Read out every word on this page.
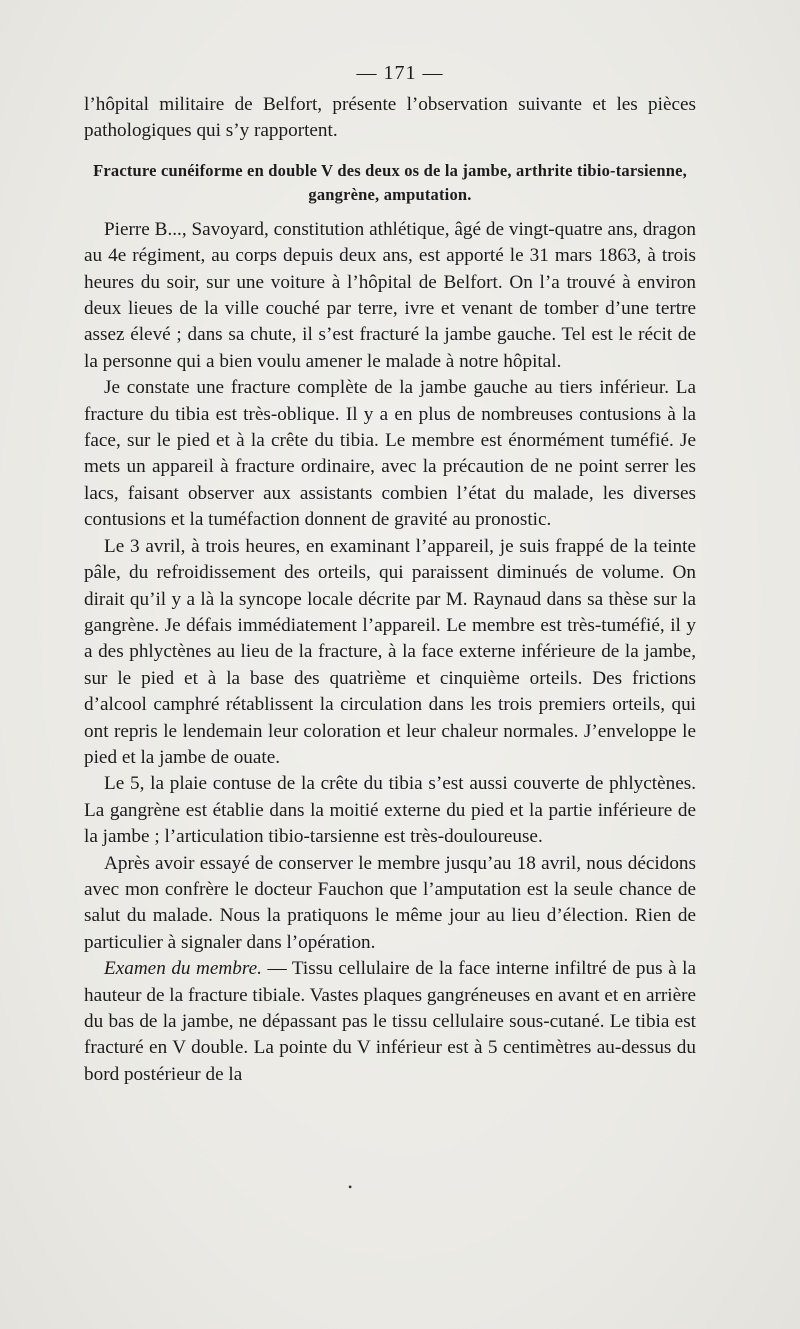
— 171 —

l’hôpital militaire de Belfort, présente l’observation suivante et les pièces pathologiques qui s’y rapportent.

Fracture cunéiforme en double V des deux os de la jambe, arthrite tibio-tarsienne, gangrène, amputation.

Pierre B..., Savoyard, constitution athlétique, âgé de vingt-quatre ans, dragon au 4e régiment, au corps depuis deux ans, est apporté le 31 mars 1863, à trois heures du soir, sur une voiture à l’hôpital de Belfort. On l’a trouvé à environ deux lieues de la ville couché par terre, ivre et venant de tomber d’une tertre assez élevé ; dans sa chute, il s’est fracturé la jambe gauche. Tel est le récit de la personne qui a bien voulu amener le malade à notre hôpital.

Je constate une fracture complète de la jambe gauche au tiers inférieur. La fracture du tibia est très-oblique. Il y a en plus de nombreuses contusions à la face, sur le pied et à la crête du tibia. Le membre est énormément tuméfié. Je mets un appareil à fracture ordinaire, avec la précaution de ne point serrer les lacs, faisant observer aux assistants combien l’état du malade, les diverses contusions et la tuméfaction donnent de gravité au pronostic.

Le 3 avril, à trois heures, en examinant l’appareil, je suis frappé de la teinte pâle, du refroidissement des orteils, qui paraissent diminués de volume. On dirait qu’il y a là la syncope locale décrite par M. Raynaud dans sa thèse sur la gangrène. Je défais immédiatement l’appareil. Le membre est très-tuméfié, il y a des phlyctènes au lieu de la fracture, à la face externe inférieure de la jambe, sur le pied et à la base des quatrième et cinquième orteils. Des frictions d’alcool camphré rétablissent la circulation dans les trois premiers orteils, qui ont repris le lendemain leur coloration et leur chaleur normales. J’enveloppe le pied et la jambe de ouate.

Le 5, la plaie contuse de la crête du tibia s’est aussi couverte de phlyctènes. La gangrène est établie dans la moitié externe du pied et la partie inférieure de la jambe ; l’articulation tibio-tarsienne est très-douloureuse.

Après avoir essayé de conserver le membre jusqu’au 18 avril, nous décidons avec mon confrère le docteur Fauchon que l’amputation est la seule chance de salut du malade. Nous la pratiquons le même jour au lieu d’élection. Rien de particulier à signaler dans l’opération.

Examen du membre. — Tissu cellulaire de la face interne infiltré de pus à la hauteur de la fracture tibiale. Vastes plaques gangréneuses en avant et en arrière du bas de la jambe, ne dépassant pas le tissu cellulaire sous-cutané. Le tibia est fracturé en V double. La pointe du V inférieur est à 5 centimètres au-dessus du bord postérieur de la

•
